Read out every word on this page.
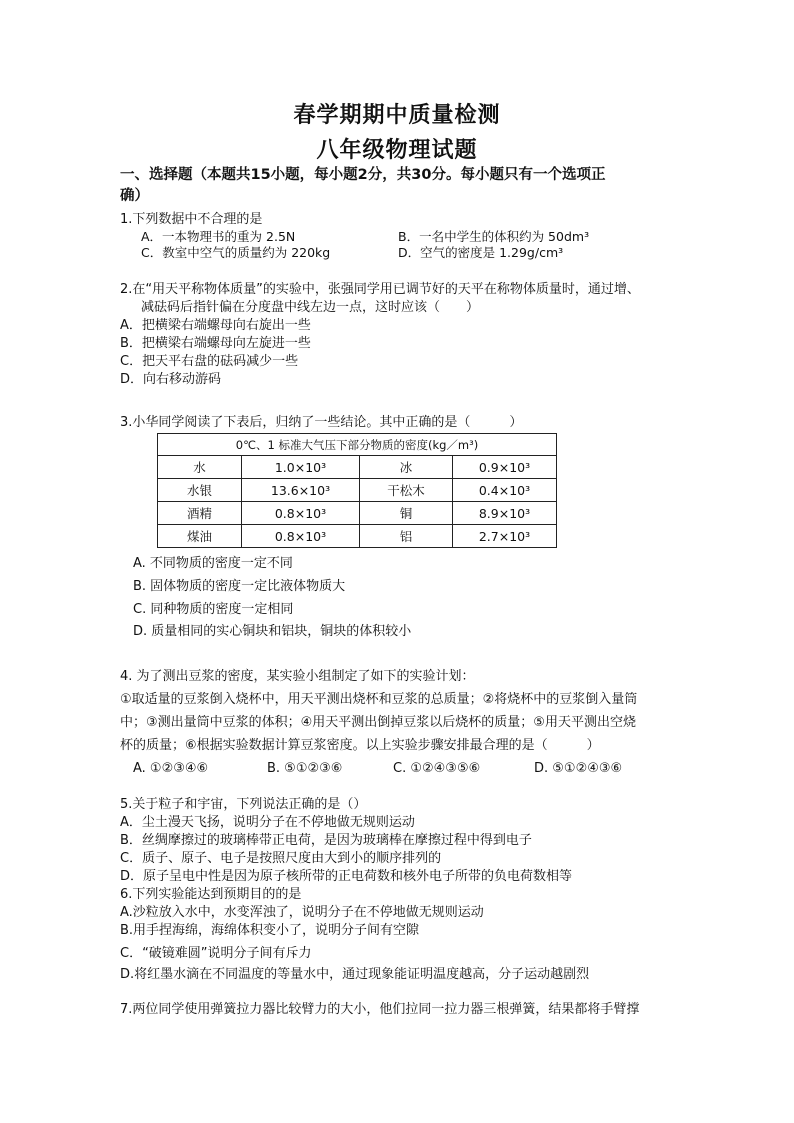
春学期期中质量检测
八年级物理试题
一、选择题（本题共15小题，每小题2分，共30分。每小题只有一个选项正
确）
1.下列数据中不合理的是
A．一本物理书的重为 2.5N	B．一名中学生的体积约为 50dm³
C．教室中空气的质量约为 220kg	D．空气的密度是 1.29g/cm³
2.在“用天平称物体质量”的实验中，张强同学用已调节好的天平在称物体质量时，通过增、
减砝码后指针偏在分度盘中线左边一点，这时应该（　　）
A．把横梁右端螺母向右旋出一些
B．把横梁右端螺母向左旋进一些
C．把天平右盘的砝码减少一些
D．向右移动游码
3.小华同学阅读了下表后，归纳了一些结论。其中正确的是（　　　）
0℃、1 标准大气压下部分物质的密度(kg／m³)			
水	1.0×10³	冰	0.9×10³
水银	13.6×10³	干松木	0.4×10³
酒精	0.8×10³	铜	8.9×10³
煤油	0.8×10³	铝	2.7×10³
A. 不同物质的密度一定不同
B. 固体物质的密度一定比液体物质大
C. 同种物质的密度一定相同
D. 质量相同的实心铜块和铝块，铜块的体积较小
4. 为了测出豆浆的密度，某实验小组制定了如下的实验计划：
①取适量的豆浆倒入烧杯中，用天平测出烧杯和豆浆的总质量；②将烧杯中的豆浆倒入量筒
中；③测出量筒中豆浆的体积；④用天平测出倒掉豆浆以后烧杯的质量；⑤用天平测出空烧
杯的质量；⑥根据实验数据计算豆浆密度。以上实验步骤安排最合理的是（　　　）
A. ①②③④⑥	B. ⑤①②③⑥	C. ①②④③⑤⑥	D. ⑤①②④③⑥
5.关于粒子和宇宙，下列说法正确的是（）
A．尘土漫天飞扬，说明分子在不停地做无规则运动
B．丝绸摩擦过的玻璃棒带正电荷，是因为玻璃棒在摩擦过程中得到电子
C．质子、原子、电子是按照尺度由大到小的顺序排列的
D．原子呈电中性是因为原子核所带的正电荷数和核外电子所带的负电荷数相等
6.下列实验能达到预期目的的是
A.沙粒放入水中，水变浑浊了，说明分子在不停地做无规则运动
B.用手捏海绵，海绵体积变小了，说明分子间有空隙
C．“破镜难圆”说明分子间有斥力
D.将红墨水滴在不同温度的等量水中，通过现象能证明温度越高，分子运动越剧烈
7.两位同学使用弹簧拉力器比较臂力的大小，他们拉同一拉力器三根弹簧，结果都将手臂撑
